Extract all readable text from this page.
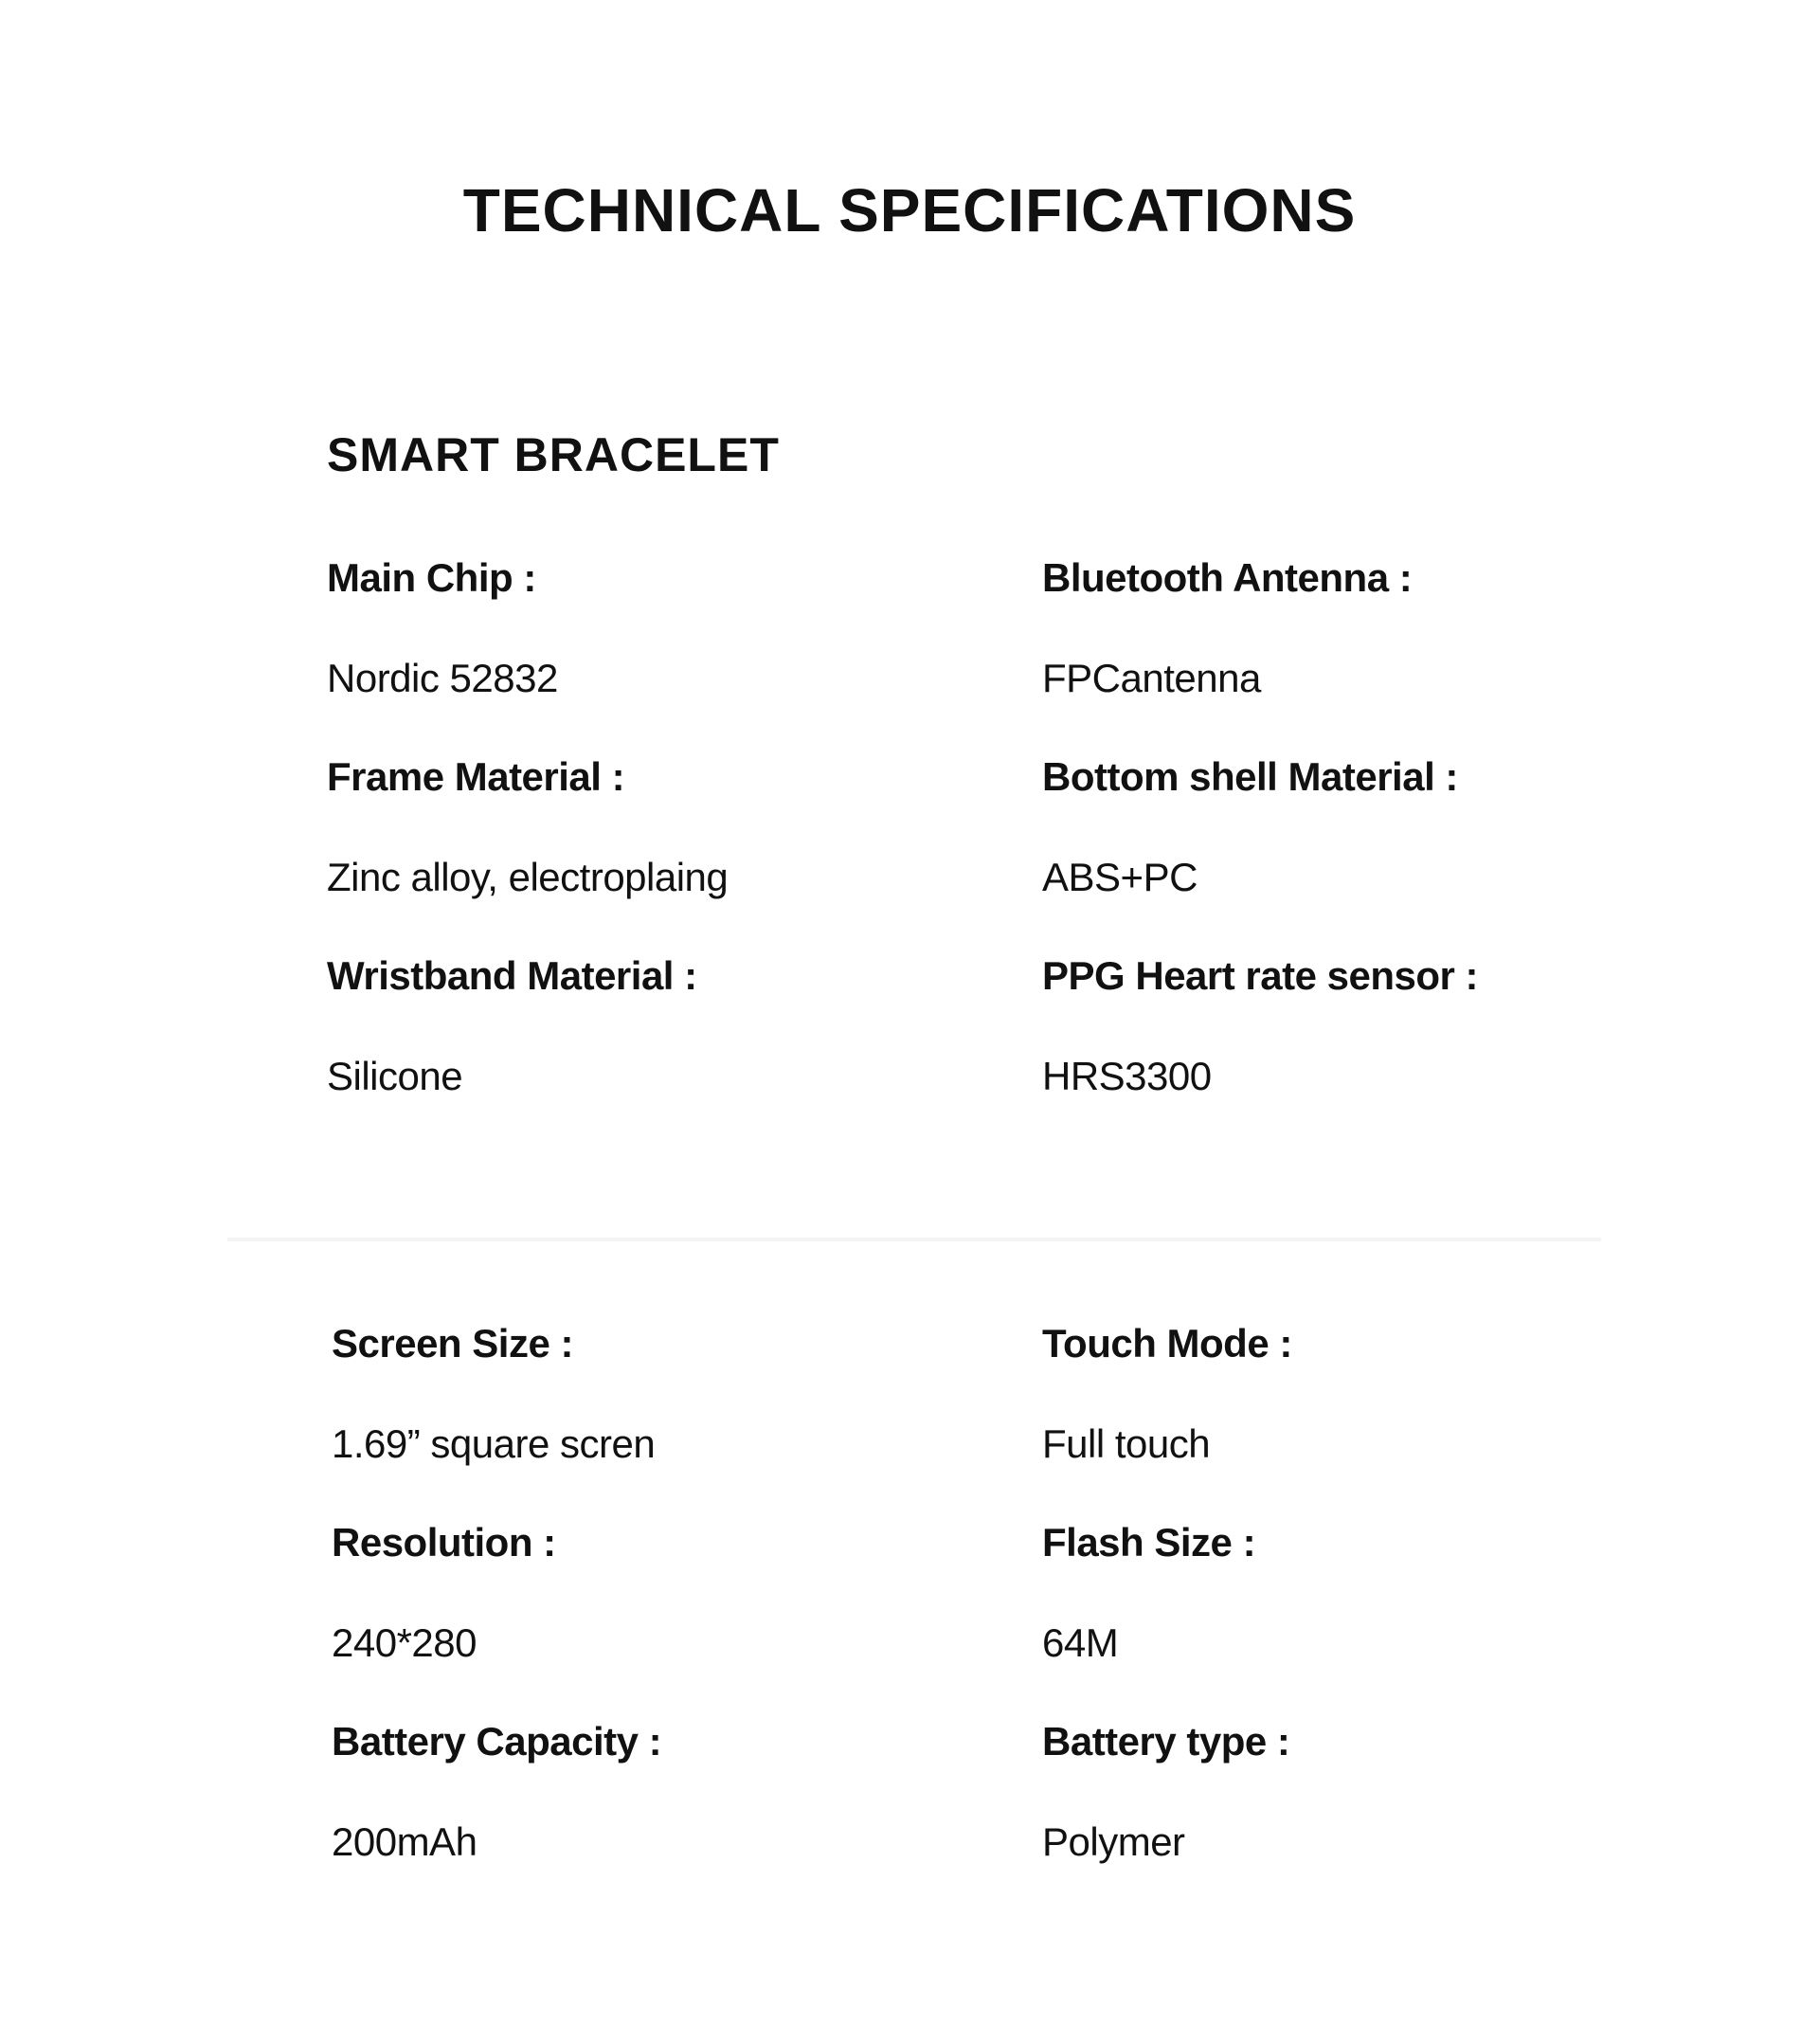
TECHNICAL SPECIFICATIONS
SMART BRACELET
Main Chip :
Nordic 52832
Bluetooth Antenna :
FPCantenna
Frame Material :
Zinc alloy, electroplaing
Bottom shell Material :
ABS+PC
Wristband Material :
Silicone
PPG Heart rate sensor :
HRS3300
Screen Size :
1.69” square scren
Touch Mode :
Full touch
Resolution :
240*280
Flash Size :
64M
Battery Capacity :
200mAh
Battery type :
Polymer
